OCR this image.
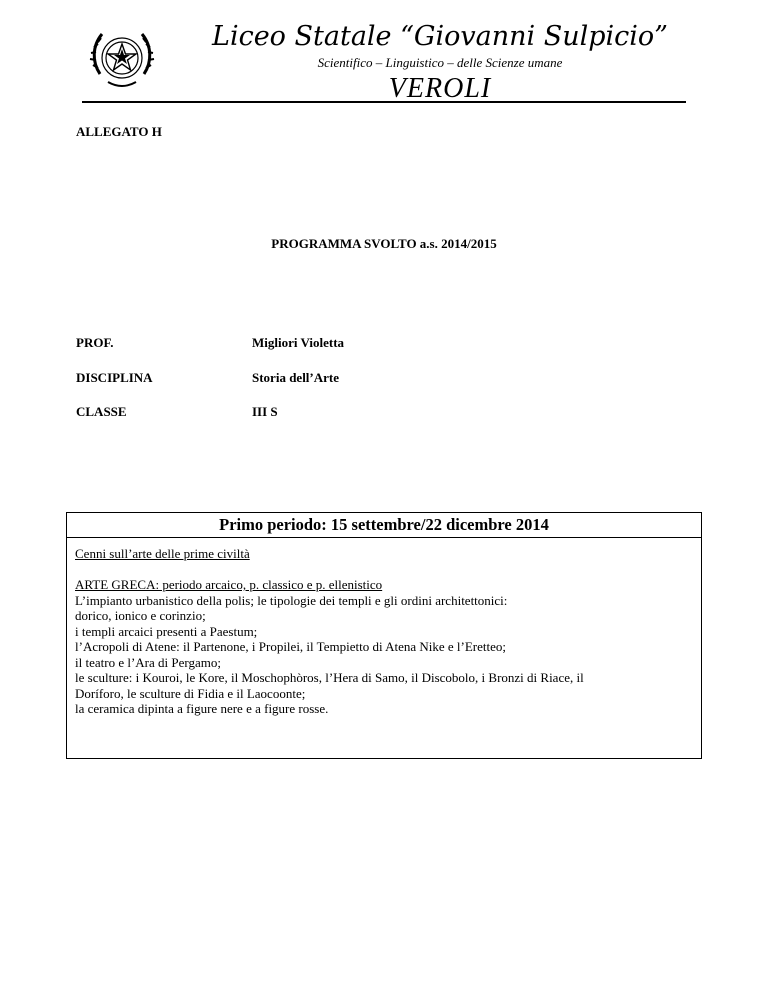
Liceo Statale “Giovanni Sulpicio”
Scientifico – Linguistico – delle Scienze umane
VEROLI
ALLEGATO H
PROGRAMMA SVOLTO a.s. 2014/2015
PROF.	Migliori Violetta
DISCIPLINA	Storia dell’Arte
CLASSE	III S
Primo periodo: 15 settembre/22 dicembre 2014
Cenni sull’arte delle prime civiltà
ARTE GRECA: periodo arcaico, p. classico e p. ellenistico
L’impianto urbanistico della polis; le tipologie dei templi e gli ordini architettonici:
dorico, ionico e corinzio;
i templi arcaici presenti a Paestum;
l’Acropoli di Atene: il Partenone, i Propilei, il Tempietto di Atena Nike e l’Eretteo;
il teatro e l’Ara di Pergamo;
le sculture: i Kouroi, le Kore, il Moschophòros, l’Hera di Samo, il Discobolo, i Bronzi di Riace, il
Doríforo, le sculture di Fidia e il Laocoonte;
la ceramica dipinta a figure nere e a figure rosse.
